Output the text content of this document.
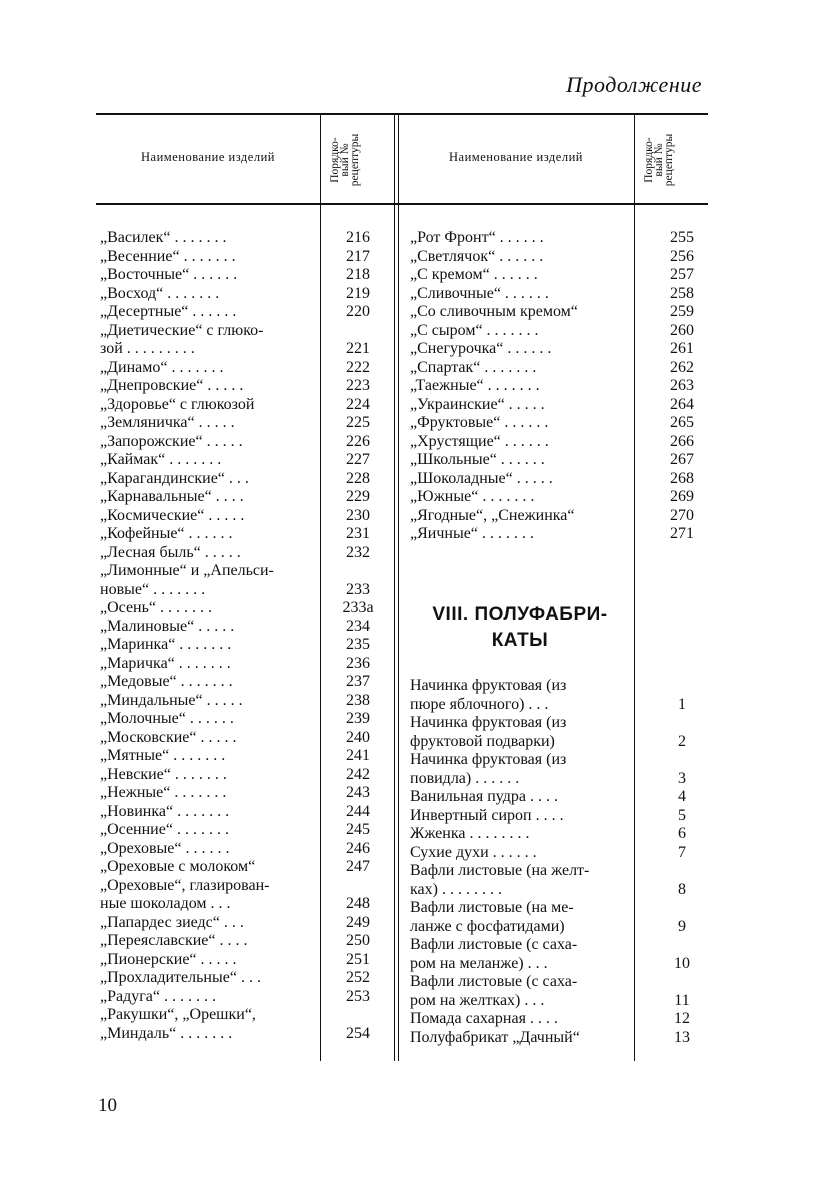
Продолжение
Наименование изделий	Порядко-
вый №
рецептуры	Наименование изделий	Порядко-
вый №
рецептуры
„Василек“ . . . . . . .	216
„Весенние“ . . . . . . .	217
„Восточные“ . . . . . .	218
„Восход“ . . . . . . .	219
„Десертные“ . . . . . .	220
„Диетические“ с глюко-
зой . . . . . . . . .	221
„Динамо“ . . . . . . .	222
„Днепровские“ . . . . .	223
„Здоровье“ с глюкозой	224
„Земляничка“ . . . . .	225
„Запорожские“ . . . . .	226
„Каймак“ . . . . . . .	227
„Карагандинские“ . . .	228
„Карнавальные“ . . . .	229
„Космические“ . . . . .	230
„Кофейные“ . . . . . .	231
„Лесная быль“ . . . . .	232
„Лимонные“ и „Апельси-
новые“ . . . . . . .	233
„Осень“ . . . . . . .	233а
„Малиновые“ . . . . .	234
„Маринка“ . . . . . . .	235
„Маричка“ . . . . . . .	236
„Медовые“ . . . . . . .	237
„Миндальные“ . . . . .	238
„Молочные“ . . . . . .	239
„Московские“ . . . . .	240
„Мятные“ . . . . . . .	241
„Невские“ . . . . . . .	242
„Нежные“ . . . . . . .	243
„Новинка“ . . . . . . .	244
„Осенние“ . . . . . . .	245
„Ореховые“ . . . . . .	246
„Ореховые с молоком“	247
„Ореховые“, глазирован-
ные шоколадом . . .	248
„Папардес зиедс“ . . .	249
„Переяславские“ . . . .	250
„Пионерские“ . . . . .	251
„Прохладительные“ . . .	252
„Радуга“ . . . . . . .	253
„Ракушки“, „Орешки“,
„Миндаль“ . . . . . . .	254
„Рот Фронт“ . . . . . .	255
„Светлячок“ . . . . . .	256
„С кремом“ . . . . . .	257
„Сливочные“ . . . . . .	258
„Со сливочным кремом“	259
„С сыром“ . . . . . . .	260
„Снегурочка“ . . . . . .	261
„Спартак“ . . . . . . .	262
„Таежные“ . . . . . . .	263
„Украинские“ . . . . .	264
„Фруктовые“ . . . . . .	265
„Хрустящие“ . . . . . .	266
„Школьные“ . . . . . .	267
„Шоколадные“ . . . . .	268
„Южные“ . . . . . . .	269
„Ягодные“, „Снежинка“	270
„Яичные“ . . . . . . .	271
VIII. ПОЛУФАБРИ-
КАТЫ
Начинка фруктовая (из
пюре яблочного) . . .	1
Начинка фруктовая (из
фруктовой подварки)	2
Начинка фруктовая (из
повидла) . . . . . .	3
Ванильная пудра . . . .	4
Инвертный сироп . . . .	5
Жженка . . . . . . . .	6
Сухие духи . . . . . .	7
Вафли листовые (на желт-
ках) . . . . . . . .	8
Вафли листовые (на ме-
ланже с фосфатидами)	9
Вафли листовые (с саха-
ром на меланже) . . .	10
Вафли листовые (с саха-
ром на желтках) . . .	11
Помада сахарная . . . .	12
Полуфабрикат „Дачный“	13
10
